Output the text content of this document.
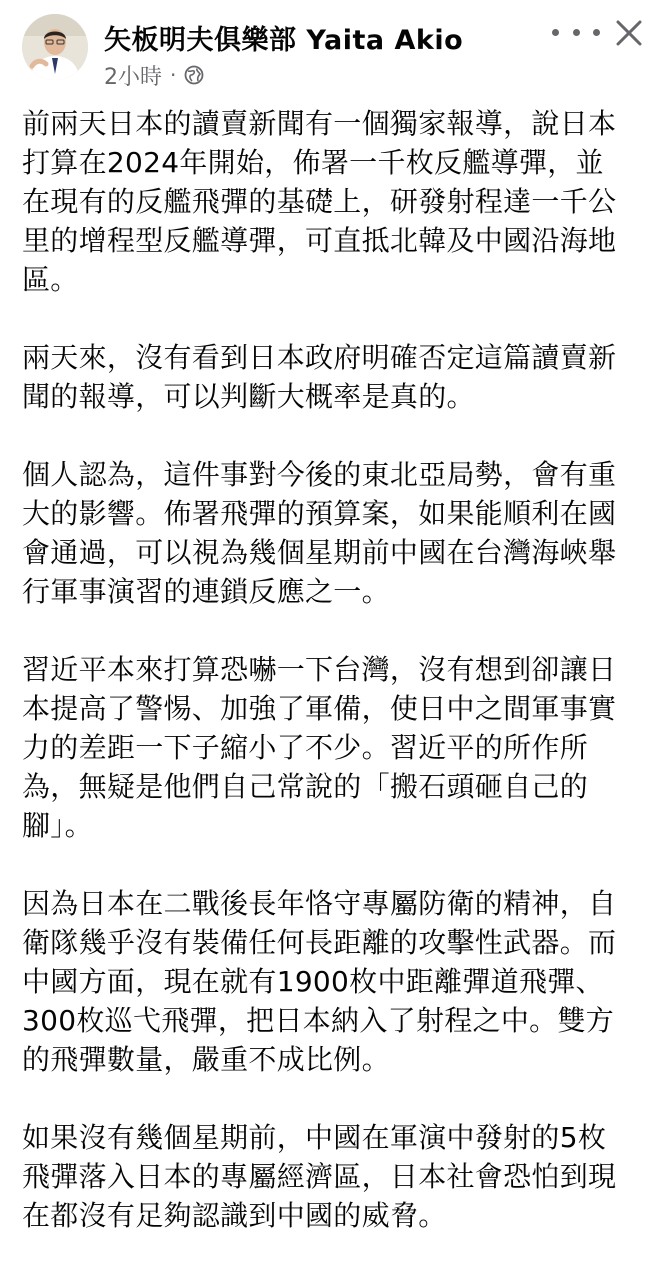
矢板明夫俱樂部 Yaita Akio
2小時 ·

前兩天日本的讀賣新聞有一個獨家報導，說日本
打算在2024年開始，佈署一千枚反艦導彈，並
在現有的反艦飛彈的基礎上，研發射程達一千公
里的增程型反艦導彈，可直抵北韓及中國沿海地
區。

兩天來，沒有看到日本政府明確否定這篇讀賣新
聞的報導，可以判斷大概率是真的。

個人認為，這件事對今後的東北亞局勢，會有重
大的影響。佈署飛彈的預算案，如果能順利在國
會通過，可以視為幾個星期前中國在台灣海峽舉
行軍事演習的連鎖反應之一。

習近平本來打算恐嚇一下台灣，沒有想到卻讓日
本提高了警惕、加強了軍備，使日中之間軍事實
力的差距一下子縮小了不少。習近平的所作所
為，無疑是他們自己常說的「搬石頭砸自己的
腳」。

因為日本在二戰後長年恪守專屬防衛的精神，自
衛隊幾乎沒有裝備任何長距離的攻擊性武器。而
中國方面，現在就有1900枚中距離彈道飛彈、
300枚巡弋飛彈，把日本納入了射程之中。雙方
的飛彈數量，嚴重不成比例。

如果沒有幾個星期前，中國在軍演中發射的5枚
飛彈落入日本的專屬經濟區，日本社會恐怕到現
在都沒有足夠認識到中國的威脅。
